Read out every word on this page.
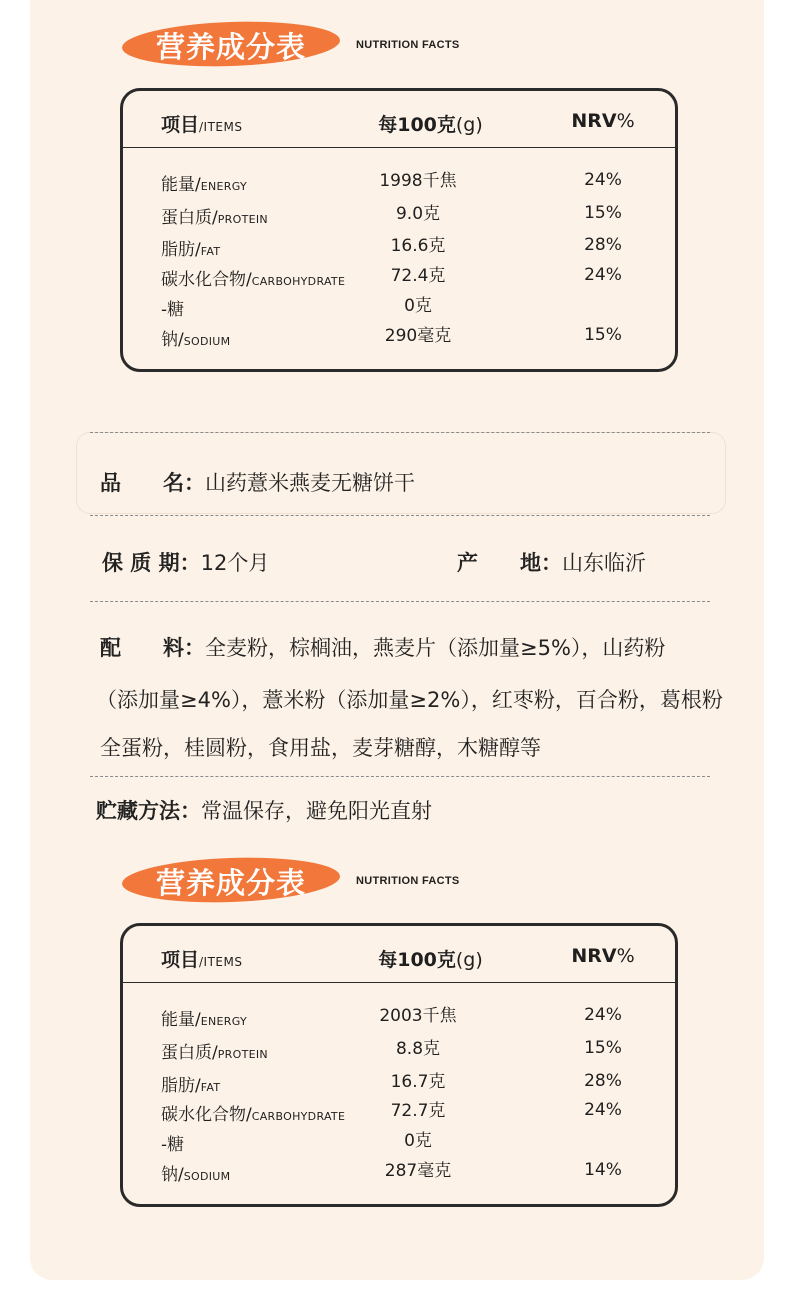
营养成分表	NUTRITION FACTS
项目/ITEMS	每100克(g)	NRV%
能量/ENERGY	1998千焦	24%
蛋白质/PROTEIN	9.0克	15%
脂肪/FAT	16.6克	28%
碳水化合物/CARBOHYDRATE	72.4克	24%
-糖	0克
钠/SODIUM	290毫克	15%
品　　名：山药薏米燕麦无糖饼干
保 质 期：12个月	产　　地：山东临沂
配　　料：全麦粉，棕榈油，燕麦片（添加量≥5%），山药粉
（添加量≥4%），薏米粉（添加量≥2%），红枣粉，百合粉，葛根粉
全蛋粉，桂圆粉，食用盐，麦芽糖醇，木糖醇等
贮藏方法：常温保存，避免阳光直射
营养成分表	NUTRITION FACTS
项目/ITEMS	每100克(g)	NRV%
能量/ENERGY	2003千焦	24%
蛋白质/PROTEIN	8.8克	15%
脂肪/FAT	16.7克	28%
碳水化合物/CARBOHYDRATE	72.7克	24%
-糖	0克
钠/SODIUM	287毫克	14%
